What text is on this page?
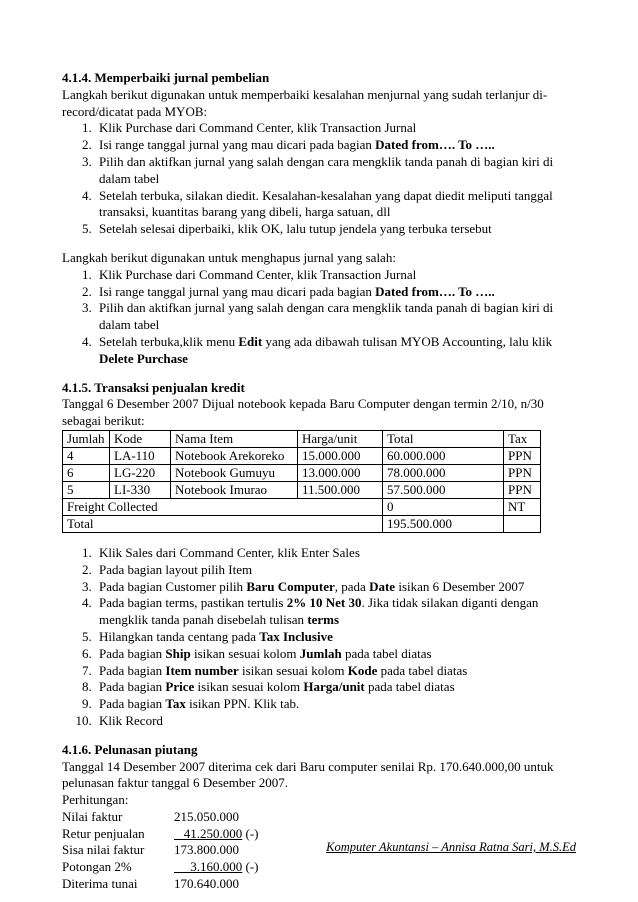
4.1.4. Memperbaiki jurnal pembelian

Langkah berikut digunakan untuk memperbaiki kesalahan menjurnal yang sudah terlanjur di-record/dicatat pada MYOB:

1. Klik Purchase dari Command Center, klik Transaction Jurnal
2. Isi range tanggal jurnal yang mau dicari pada bagian Dated from…. To …..
3. Pilih dan aktifkan jurnal yang salah dengan cara mengklik tanda panah di bagian kiri di dalam tabel
4. Setelah terbuka, silakan diedit. Kesalahan-kesalahan yang dapat diedit meliputi tanggal transaksi, kuantitas barang yang dibeli, harga satuan, dll
5. Setelah selesai diperbaiki, klik OK, lalu tutup jendela yang terbuka tersebut

Langkah berikut digunakan untuk menghapus jurnal yang salah:

1. Klik Purchase dari Command Center, klik Transaction Jurnal
2. Isi range tanggal jurnal yang mau dicari pada bagian Dated from…. To …..
3. Pilih dan aktifkan jurnal yang salah dengan cara mengklik tanda panah di bagian kiri di dalam tabel
4. Setelah terbuka,klik menu Edit yang ada dibawah tulisan MYOB Accounting, lalu klik Delete Purchase

4.1.5. Transaksi penjualan kredit

Tanggal 6 Desember 2007 Dijual notebook kepada Baru Computer dengan termin 2/10, n/30 sebagai berikut:

Jumlah	Kode	Nama Item	Harga/unit	Total	Tax
4	LA-110	Notebook Arekoreko	15.000.000	60.000.000	PPN
6	LG-220	Notebook Gumuyu	13.000.000	78.000.000	PPN
5	LI-330	Notebook Imurao	11.500.000	57.500.000	PPN
Freight Collected				0	NT
Total				195.500.000	
1. Klik Sales dari Command Center, klik Enter Sales
2. Pada bagian layout pilih Item
3. Pada bagian Customer pilih Baru Computer, pada Date isikan 6 Desember 2007
4. Pada bagian terms, pastikan tertulis 2% 10 Net 30. Jika tidak silakan diganti dengan mengklik tanda panah disebelah tulisan terms
5. Hilangkan tanda centang pada Tax Inclusive
6. Pada bagian Ship isikan sesuai kolom Jumlah pada tabel diatas
7. Pada bagian Item number isikan sesuai kolom Kode pada tabel diatas
8. Pada bagian Price isikan sesuai kolom Harga/unit pada tabel diatas
9. Pada bagian Tax isikan PPN. Klik tab.
10. Klik Record

4.1.6. Pelunasan piutang

Tanggal 14 Desember 2007 diterima cek dari Baru computer senilai Rp. 170.640.000,00 untuk pelunasan faktur tanggal 6 Desember 2007.

Perhitungan:

Nilai faktur	215.050.000
Retur penjualan	41.250.000 (-)
Sisa nilai faktur	173.800.000
Potongan 2%	3.160.000 (-)
Diterima tunai	170.640.000
Komputer Akuntansi – Annisa Ratna Sari, M.S.Ed
